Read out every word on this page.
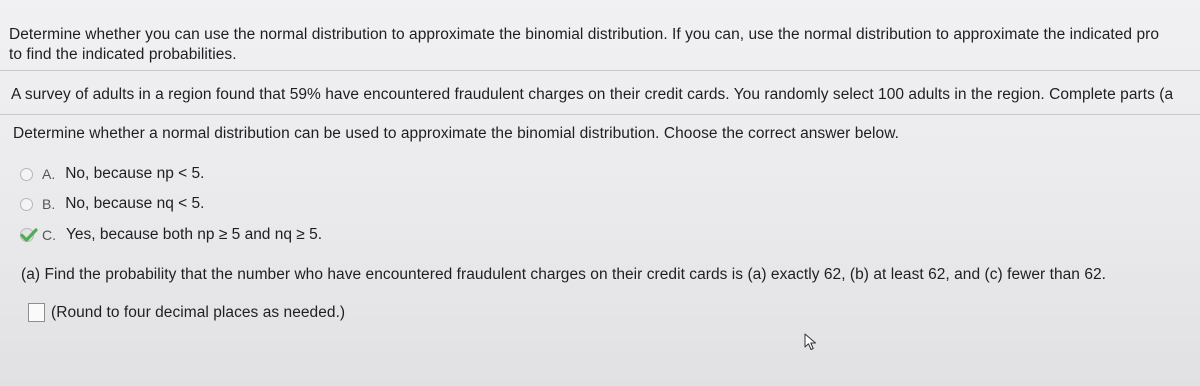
Determine whether you can use the normal distribution to approximate the binomial distribution. If you can, use the normal distribution to approximate the indicated pro
to find the indicated probabilities.
A survey of adults in a region found that 59% have encountered fraudulent charges on their credit cards. You randomly select 100 adults in the region. Complete parts (a
Determine whether a normal distribution can be used to approximate the binomial distribution. Choose the correct answer below.
A. No, because np < 5.
B. No, because nq < 5.
C. Yes, because both np ≥ 5 and nq ≥ 5.
(a) Find the probability that the number who have encountered fraudulent charges on their credit cards is (a) exactly 62, (b) at least 62, and (c) fewer than 62.
(Round to four decimal places as needed.)
